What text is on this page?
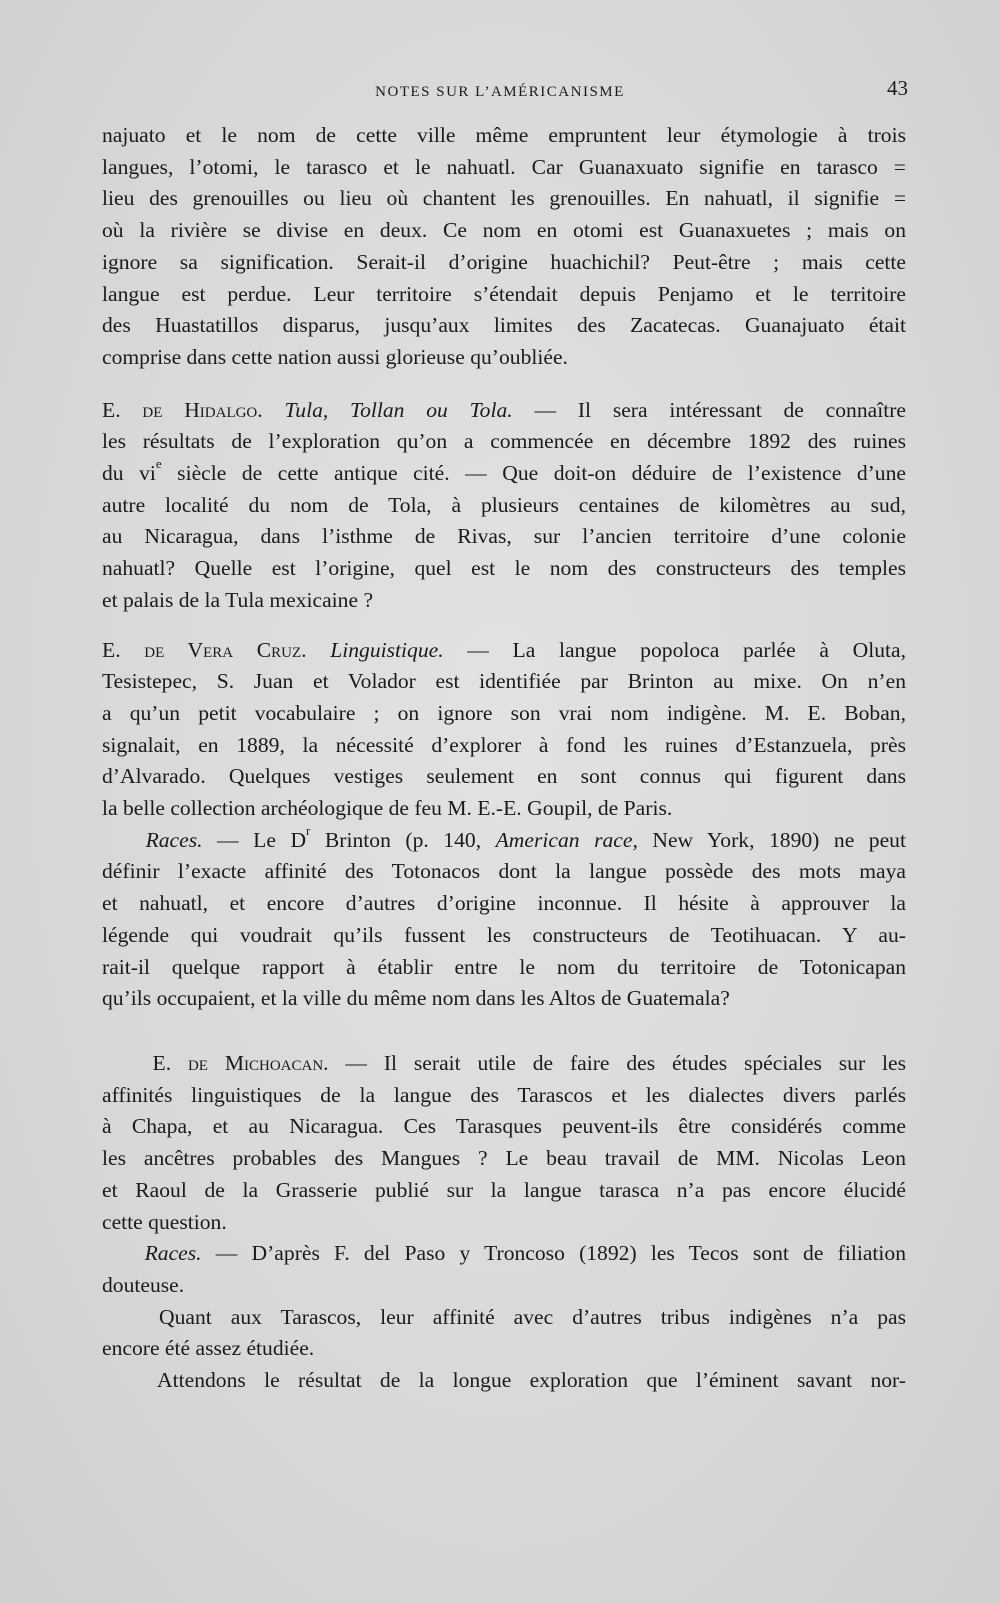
NOTES SUR L’AMÉRICANISME	43
najuato et le nom de cette ville même empruntent leur étymologie à trois
langues, l’otomi, le tarasco et le nahuatl. Car Guanaxuato signifie en tarasco =
lieu des grenouilles ou lieu où chantent les grenouilles. En nahuatl, il signifie =
où la rivière se divise en deux. Ce nom en otomi est Guanaxuetes ; mais on
ignore sa signification. Serait-il d’origine huachichil? Peut-être ; mais cette
langue est perdue. Leur territoire s’étendait depuis Penjamo et le territoire
des Huastatillos disparus, jusqu’aux limites des Zacatecas. Guanajuato était
comprise dans cette nation aussi glorieuse qu’oubliée.
E. de Hidalgo. Tula, Tollan ou Tola. — Il sera intéressant de connaître
les résultats de l’exploration qu’on a commencée en décembre 1892 des ruines
du $vi^e$ siècle de cette antique cité. — Que doit-on déduire de l’existence d’une
autre localité du nom de Tola, à plusieurs centaines de kilomètres au sud,
au Nicaragua, dans l’isthme de Rivas, sur l’ancien territoire d’une colonie
nahuatl? Quelle est l’origine, quel est le nom des constructeurs des temples
et palais de la Tula mexicaine ?
E. de Vera Cruz. Linguistique. — La langue popoloca parlée à Oluta,
Tesistepec, S. Juan et Volador est identifiée par Brinton au mixe. On n’en
a qu’un petit vocabulaire ; on ignore son vrai nom indigène. M. E. Boban,
signalait, en 1889, la nécessité d’explorer à fond les ruines d’Estanzuela, près
d’Alvarado. Quelques vestiges seulement en sont connus qui figurent dans
la belle collection archéologique de feu M. E.-E. Goupil, de Paris.
Races. — Le $D^r$ Brinton (p. 140, American race, New York, 1890) ne peut
définir l’exacte affinité des Totonacos dont la langue possède des mots maya
et nahuatl, et encore d’autres d’origine inconnue. Il hésite à approuver la
légende qui voudrait qu’ils fussent les constructeurs de Teotihuacan. Y au-
rait-il quelque rapport à établir entre le nom du territoire de Totonicapan
qu’ils occupaient, et la ville du même nom dans les Altos de Guatemala?
E. de Michoacan. — Il serait utile de faire des études spéciales sur les
affinités linguistiques de la langue des Tarascos et les dialectes divers parlés
à Chapa, et au Nicaragua. Ces Tarasques peuvent-ils être considérés comme
les ancêtres probables des Mangues ? Le beau travail de MM. Nicolas Leon
et Raoul de la Grasserie publié sur la langue tarasca n’a pas encore élucidé
cette question.
Races. — D’après F. del Paso y Troncoso (1892) les Tecos sont de filiation
douteuse.
Quant aux Tarascos, leur affinité avec d’autres tribus indigènes n’a pas
encore été assez étudiée.
Attendons le résultat de la longue exploration que l’éminent savant nor-
